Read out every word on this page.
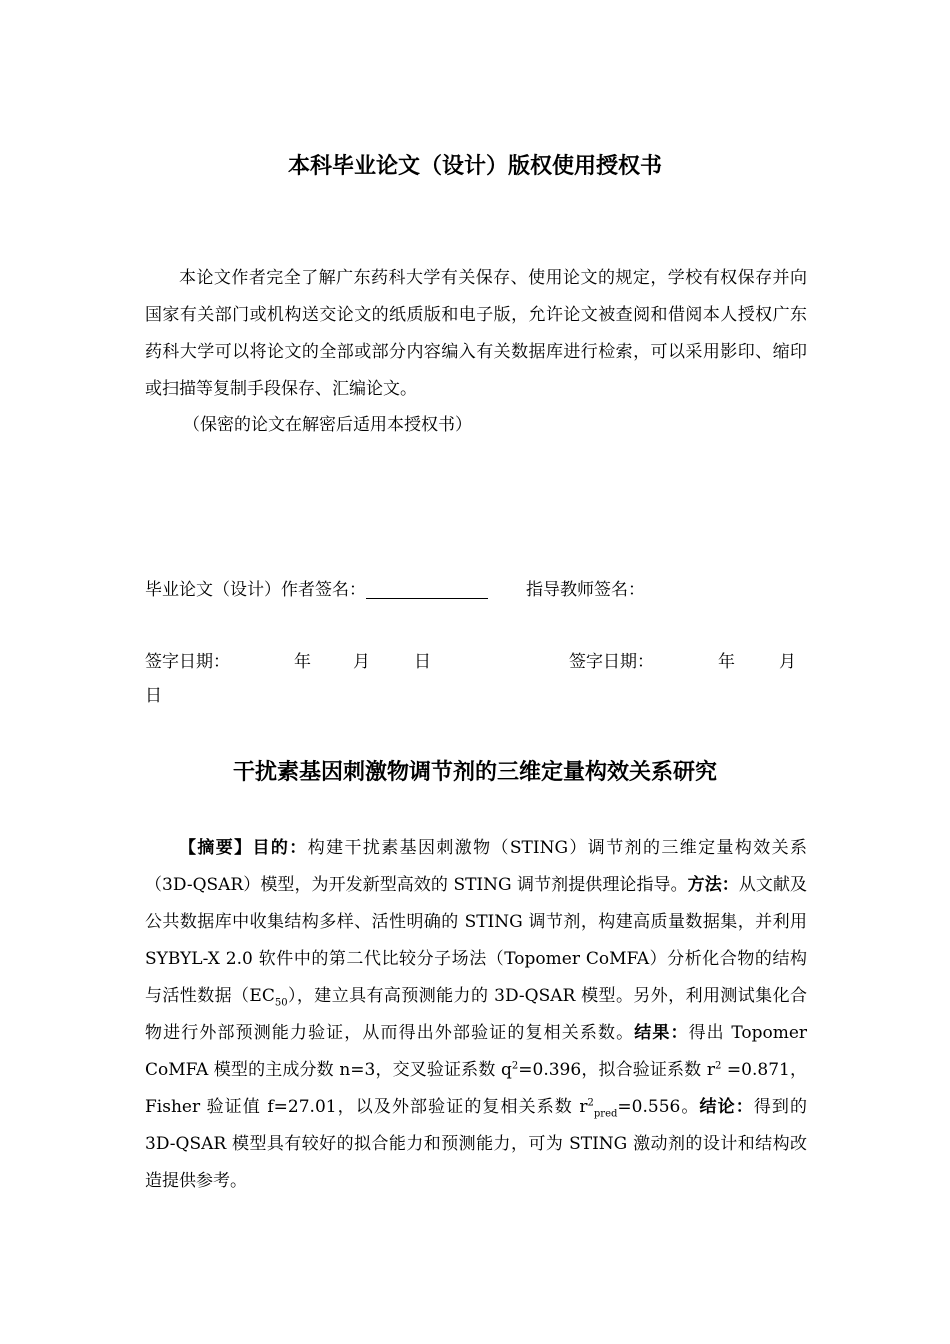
本科毕业论文（设计）版权使用授权书
本论文作者完全了解广东药科大学有关保存、使用论文的规定，学校有权保存并向国家有关部门或机构送交论文的纸质版和电子版，允许论文被查阅和借阅本人授权广东药科大学可以将论文的全部或部分内容编入有关数据库进行检索，可以采用影印、缩印或扫描等复制手段保存、汇编论文。
（保密的论文在解密后适用本授权书）
毕业论文（设计）作者签名：	指导教师签名：
签字日期：	年 月	日	签字日期：	年	月
日
干扰素基因刺激物调节剂的三维定量构效关系研究
【摘要】目的：构建干扰素基因刺激物（STING）调节剂的三维定量构效关系（3D-QSAR）模型，为开发新型高效的 STING 调节剂提供理论指导。方法：从文献及公共数据库中收集结构多样、活性明确的 STING 调节剂，构建高质量数据集，并利用 SYBYL-X 2.0 软件中的第二代比较分子场法（Topomer CoMFA）分析化合物的结构与活性数据$(EC_{50})$，建立具有高预测能力的 3D-QSAR 模型。另外，利用测试集化合物进行外部预测能力验证，从而得出外部验证的复相关系数。结果：得出 Topomer CoMFA 模型的主成分数 n=3，交叉验证系数 $q^2=0.396$，拟合验证系数 $r^2 =0.871$，Fisher 验证值 f=27.01，以及外部验证的复相关系数 $r^2_{pred}=0.556$。结论：得到的 3D-QSAR 模型具有较好的拟合能力和预测能力，可为 STING 激动剂的设计和结构改造提供参考。
